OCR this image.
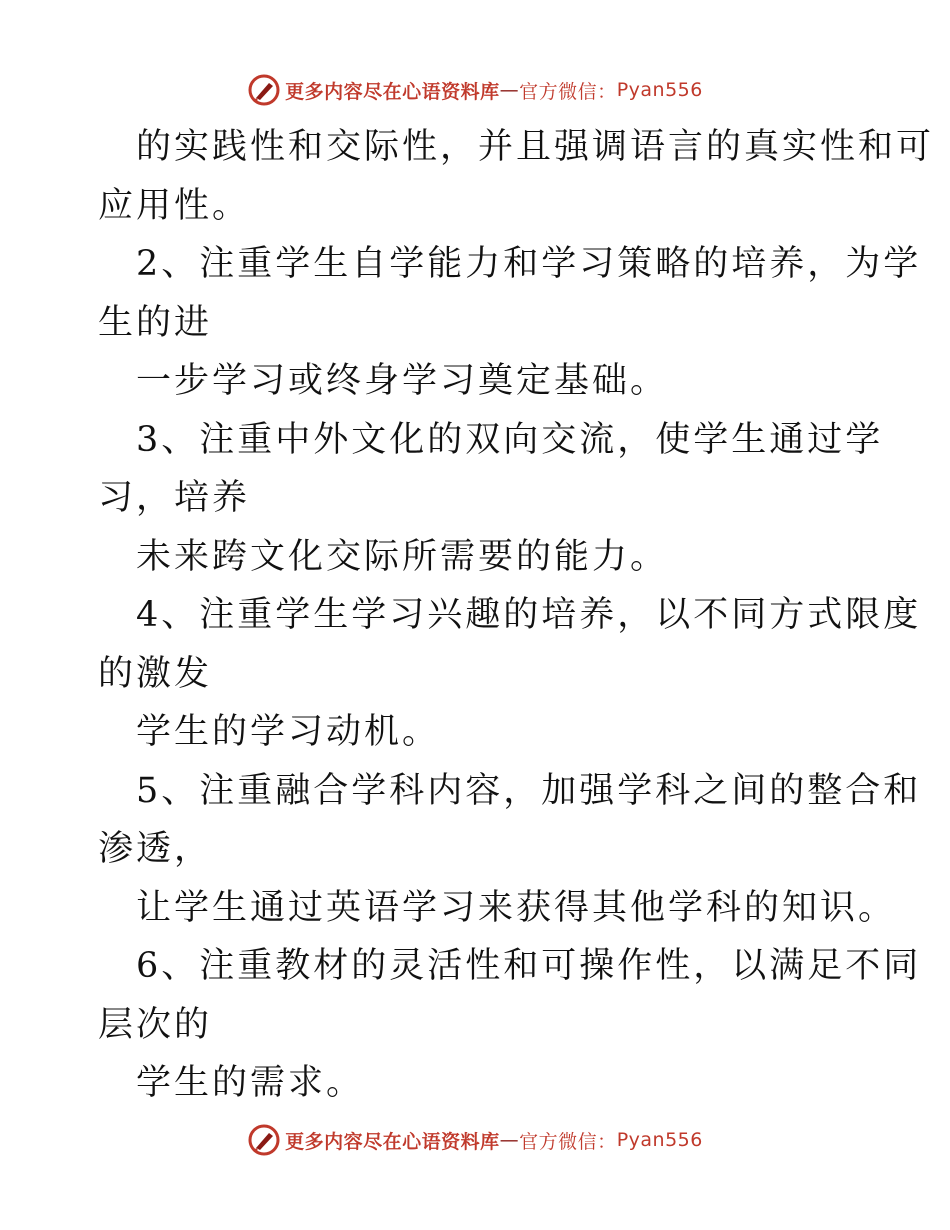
更多内容尽在心语资料库 — 官方微信： Pyan556
的实践性和交际性，并且强调语言的真实性和可
应用性。
2、注重学生自学能力和学习策略的培养，为学
生的进
一步学习或终身学习奠定基础。
3、注重中外文化的双向交流，使学生通过学
习，培养
未来跨文化交际所需要的能力。
4、注重学生学习兴趣的培养，以不同方式限度
的激发
学生的学习动机。
5、注重融合学科内容，加强学科之间的整合和
渗透，
让学生通过英语学习来获得其他学科的知识。
6、注重教材的灵活性和可操作性，以满足不同
层次的
学生的需求。
更多内容尽在心语资料库 — 官方微信： Pyan556
